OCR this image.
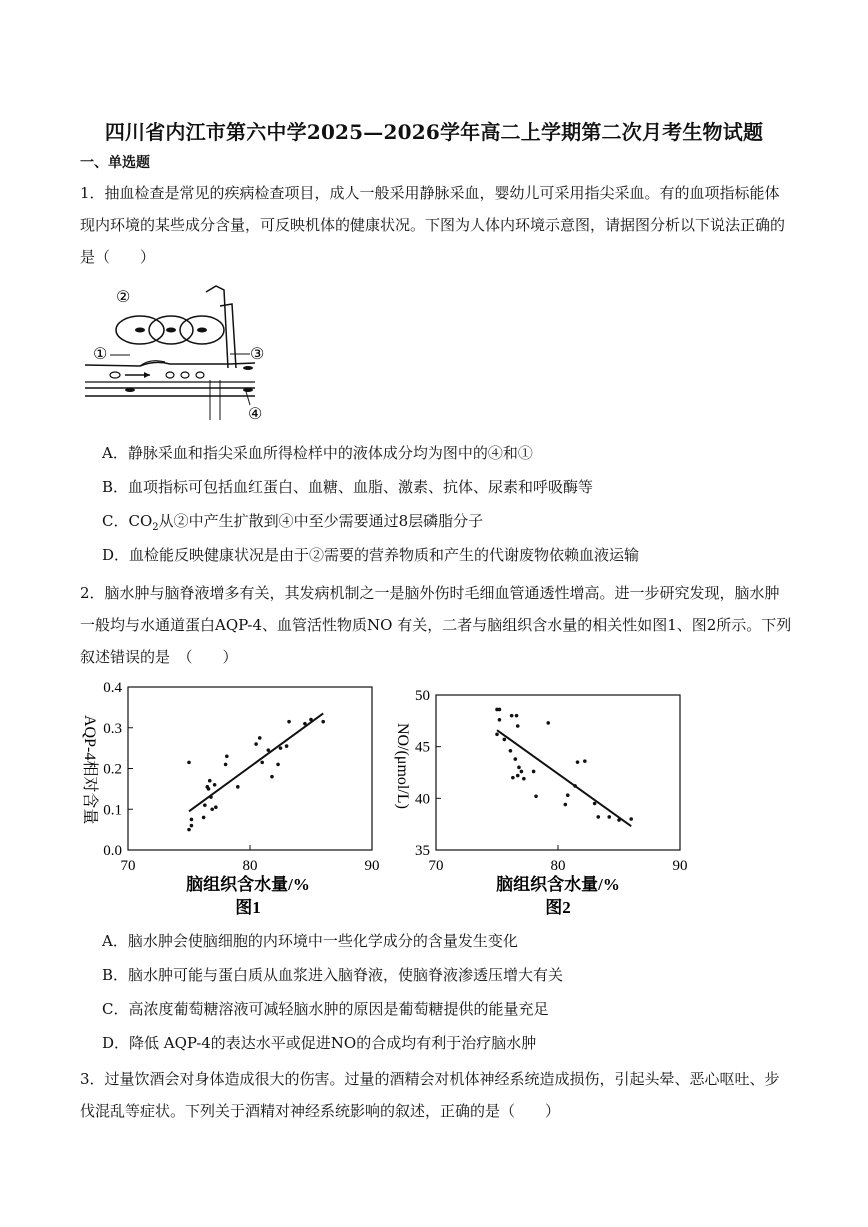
四川省内江市第六中学2025—2026学年高二上学期第二次月考生物试题
一、单选题
1．抽血检查是常见的疾病检查项目，成人一般采用静脉采血，婴幼儿可采用指尖采血。有的血项指标能体现内环境的某些成分含量，可反映机体的健康状况。下图为人体内环境示意图，请据图分析以下说法正确的是（　　）
②
①	③
④
A．静脉采血和指尖采血所得检样中的液体成分均为图中的④和①
B．血项指标可包括血红蛋白、血糖、血脂、激素、抗体、尿素和呼吸酶等
C．$CO_2$从②中产生扩散到④中至少需要通过8层磷脂分子
D．血检能反映健康状况是由于②需要的营养物质和产生的代谢废物依赖血液运输
2．脑水肿与脑脊液增多有关，其发病机制之一是脑外伤时毛细血管通透性增高。进一步研究发现，脑水肿一般均与水通道蛋白AQP-4、血管活性物质NO 有关，二者与脑组织含水量的相关性如图1、图2所示。下列叙述错误的是　（　　）
70	80	90
0.0
0.1
0.2
0.3
0.4
脑组织含水量/%
图1
AQP-4相对含量
70	80	90
35
40
45
50
脑组织含水量/%
图2
NO/(μmol/L)
A．脑水肿会使脑细胞的内环境中一些化学成分的含量发生变化
B．脑水肿可能与蛋白质从血浆进入脑脊液，使脑脊液渗透压增大有关
C．高浓度葡萄糖溶液可减轻脑水肿的原因是葡萄糖提供的能量充足
D．降低 AQP-4的表达水平或促进NO的合成均有利于治疗脑水肿
3．过量饮酒会对身体造成很大的伤害。过量的酒精会对机体神经系统造成损伤，引起头晕、恶心呕吐、步伐混乱等症状。下列关于酒精对神经系统影响的叙述，正确的是（　　）
